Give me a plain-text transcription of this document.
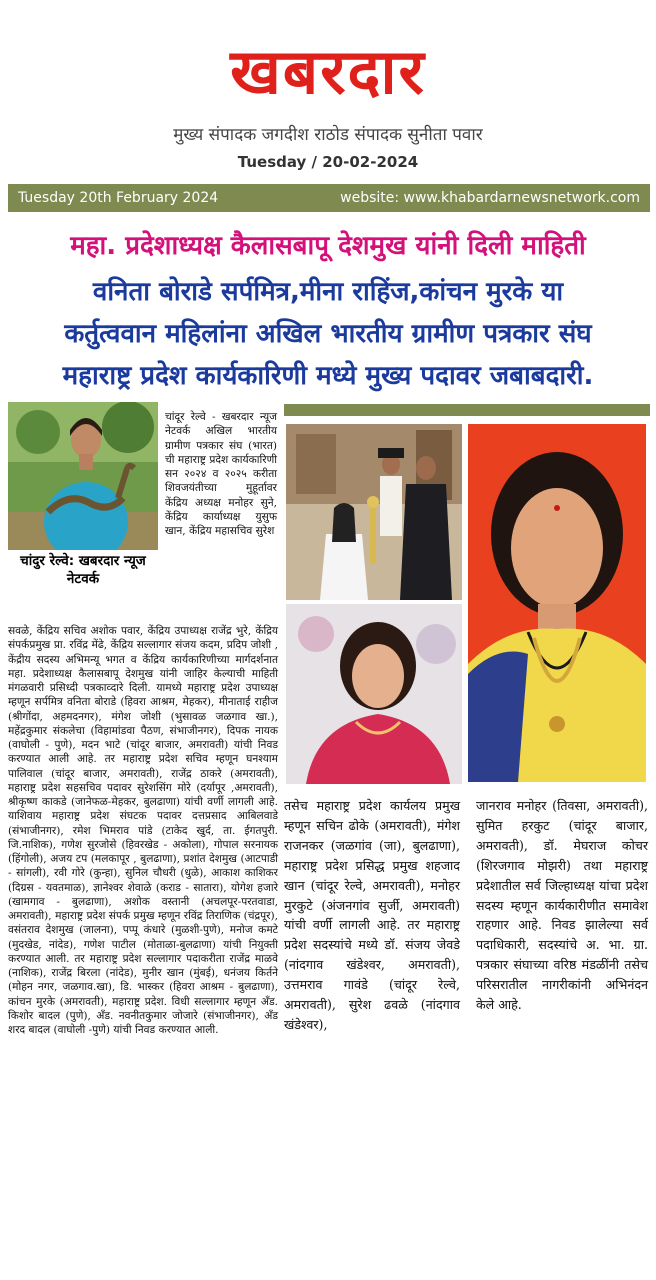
खबरदार
मुख्य संपादक जगदीश राठोड संपादक सुनीता पवार
Tuesday / 20-02-2024
Tuesday 20th February 2024	website: www.khabardarnewsnetwork.com
महा. प्रदेशाध्यक्ष कैलासबापू देशमुख यांनी दिली माहिती
वनिता बोराडे सर्पमित्र,मीना राहिंज,कांचन मुरके या
कर्तुत्ववान महिलांना अखिल भारतीय ग्रामीण पत्रकार संघ
महाराष्ट्र प्रदेश कार्यकारिणी मध्ये मुख्य पदावर जबाबदारी.
चांदुर रेल्वे: खबरदार न्यूज नेटवर्क
चांदूर रेल्वे - खबरदार न्यूज नेटवर्क अखिल भारतीय ग्रामीण पत्रकार संघ (भारत) ची महाराष्ट्र प्रदेश कार्यकारिणी सन २०२४ व २०२५ करीता शिवजयंतीच्या मुहूर्तावर केंद्रिय अध्यक्ष मनोहर सुने, केंद्रिय कार्याध्यक्ष युसुफ खान, केंद्रिय महासचिव सुरेश
सवळे, केंद्रिय सचिव अशोक पवार, केंद्रिय उपाध्यक्ष राजेंद्र भुरे, केंद्रिय संपर्कप्रमुख प्रा. रविंद्र मेंढे, केंद्रिय सल्लागार संजय कदम, प्रदिप जोशी , केंद्रीय सदस्य अभिमन्यू भगत व केंद्रिय कार्यकारिणीच्या मार्गदर्शनात महा. प्रदेशाध्यक्ष कैलासबापू देशमुख यांनी जाहिर केल्याची माहिती मंगळवारी प्रसिध्दी पत्रकाव्दारे दिली. यामध्ये महाराष्ट्र प्रदेश उपाध्यक्ष म्हणून सर्पमित्र वनिता बोराडे (हिवरा आश्रम, मेहकर), मीनाताई राहीज (श्रीगोंदा, अहमदनगर), मंगेश जोशी (भुसावळ जळगाव खा.), महेंद्रकुमार संकलेचा (विहामांडवा पैठण, संभाजीनगर), दिपक नायक (वाघोली - पुणे), मदन भाटे (चांदूर बाजार, अमरावती) यांची निवड करण्यात आली आहे. तर महाराष्ट्र प्रदेश सचिव म्हणून घनश्याम पालिवाल (चांदूर बाजार, अमरावती), राजेंद्र ठाकरे (अमरावती), महाराष्ट्र प्रदेश सहसचिव पदावर सुरेशसिंग मोरे (दर्यापूर ,अमरावती), श्रीकृष्ण काकडे (जानेफळ-मेहकर, बुलढाणा) यांची वर्णी लागली आहे. याशिवाय महाराष्ट्र प्रदेश संघटक पदावर दत्तप्रसाद आबिलवाडे (संभाजीनगर), रमेश भिमराव पांडे (टाकेद खुर्द, ता. ईगतपुरी. जि.नाशिक), गणेश सुरजोसे (हिवरखेड - अकोला), गोपाल सरनायक (हिंगोली), अजय टप (मलकापूर , बुलढाणा), प्रशांत देशमुख (आटपाडी - सांगली), रवी गोरे (कुन्हा), सुनिल चौधरी (धुळे), आकाश काशिकर (दिग्रस - यवतमाळ), ज्ञानेश्वर शेवाळे (कराड - सातारा), योगेश हजारे (खामगाव - बुलढाणा), अशोक वस्तानी (अचलपूर-परतवाडा, अमरावती), महाराष्ट्र प्रदेश संपर्क प्रमुख म्हणून रविंद्र तिराणिक (चंद्रपूर), वसंतराव देशमुख (जालना), पप्पू कंधारे (मुळशी-पुणे), मनोज कमटे (मुदखेड, नांदेड), गणेश पाटील (मोताळा-बुलढाणा) यांची नियुक्ती करण्यात आली. तर महाराष्ट्र प्रदेश सल्लागार पदाकरीता राजेंद्र माळवे (नाशिक), राजेंद्र बिरला (नांदेड), मुनीर खान (मुंबई), धनंजय किर्तने (मोहन नगर, जळगाव.खा), डि. भास्कर (हिवरा आश्रम - बुलढाणा), कांचन मुरके (अमरावती), महाराष्ट्र प्रदेश. विधी सल्लागार म्हणून अँड. किशोर बादल (पुणे), अँड. नवनीतकुमार जोजारे (संभाजीनगर), अँड शरद बादल (वाघोली -पुणे) यांची निवड करण्यात आली.
तसेच महाराष्ट्र प्रदेश कार्यलय प्रमुख म्हणून सचिन ढोके (अमरावती), मंगेश राजनकर (जळगांव (जा), बुलढाणा), महाराष्ट्र प्रदेश प्रसिद्ध प्रमुख शहजाद खान (चांदूर रेल्वे, अमरावती), मनोहर मुरकुटे (अंजनगांव सुर्जी, अमरावती) यांची वर्णी लागली आहे. तर महाराष्ट्र प्रदेश सदस्यांचे मध्ये डॉ. संजय जेवडे (नांदगाव खंडेश्वर, अमरावती), उत्तमराव गावंडे (चांदूर रेल्वे, अमरावती), सुरेश ढवळे (नांदगाव खंडेश्वर),
जानराव मनोहर (तिवसा, अमरावती), सुमित हरकुट (चांदूर बाजार, अमरावती), डॉ. मेघराज कोचर (शिरजगाव मोझरी) तथा महाराष्ट्र प्रदेशातील सर्व जिल्हाध्यक्ष यांचा प्रदेश सदस्य म्हणून कार्यकारीणीत समावेश राहणार आहे. निवड झालेल्या सर्व पदाधिकारी, सदस्यांचे अ. भा. ग्रा. पत्रकार संघाच्या वरिष्ठ मंडळींनी तसेच परिसरातील नागरीकांनी अभिनंदन केले आहे.
